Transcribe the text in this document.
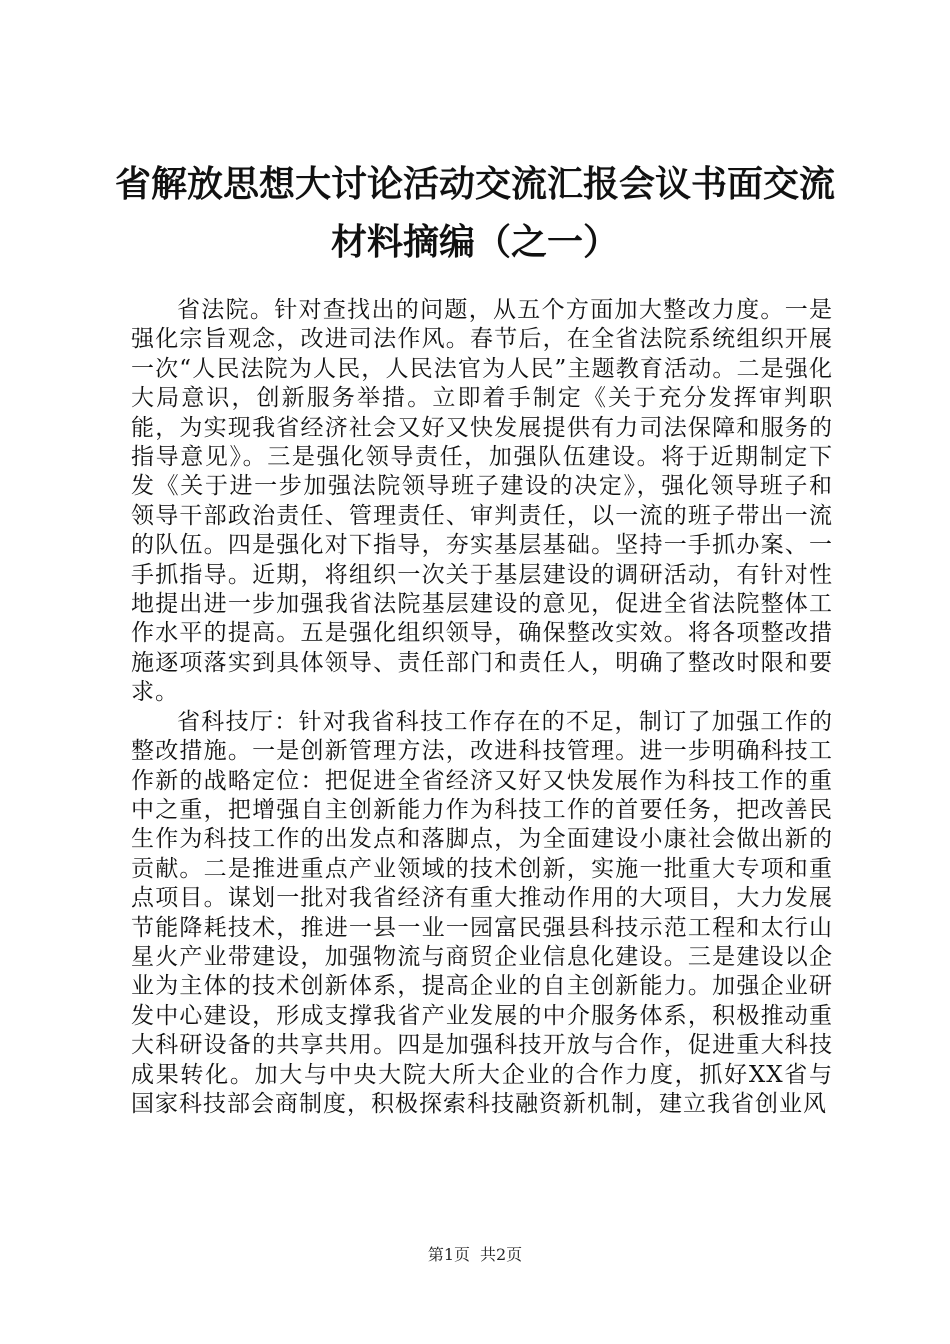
省解放思想大讨论活动交流汇报会议书面交流
材料摘编（之一）

省法院。针对查找出的问题，从五个方面加大整改力度。一是强化宗旨观念，改进司法作风。春节后，在全省法院系统组织开展一次“人民法院为人民，人民法官为人民”主题教育活动。二是强化大局意识，创新服务举措。立即着手制定《关于充分发挥审判职能，为实现我省经济社会又好又快发展提供有力司法保障和服务的指导意见》。三是强化领导责任，加强队伍建设。将于近期制定下发《关于进一步加强法院领导班子建设的决定》，强化领导班子和领导干部政治责任、管理责任、审判责任，以一流的班子带出一流的队伍。四是强化对下指导，夯实基层基础。坚持一手抓办案、一手抓指导。近期，将组织一次关于基层建设的调研活动，有针对性地提出进一步加强我省法院基层建设的意见，促进全省法院整体工作水平的提高。五是强化组织领导，确保整改实效。将各项整改措施逐项落实到具体领导、责任部门和责任人，明确了整改时限和要求。

省科技厅：针对我省科技工作存在的不足，制订了加强工作的整改措施。一是创新管理方法，改进科技管理。进一步明确科技工作新的战略定位：把促进全省经济又好又快发展作为科技工作的重中之重，把增强自主创新能力作为科技工作的首要任务，把改善民生作为科技工作的出发点和落脚点，为全面建设小康社会做出新的贡献。二是推进重点产业领域的技术创新，实施一批重大专项和重点项目。谋划一批对我省经济有重大推动作用的大项目，大力发展节能降耗技术，推进一县一业一园富民强县科技示范工程和太行山星火产业带建设，加强物流与商贸企业信息化建设。三是建设以企业为主体的技术创新体系，提高企业的自主创新能力。加强企业研发中心建设，形成支撑我省产业发展的中介服务体系，积极推动重大科研设备的共享共用。四是加强科技开放与合作，促进重大科技成果转化。加大与中央大院大所大企业的合作力度，抓好XX省与国家科技部会商制度，积极探索科技融资新机制，建立我省创业风

第1页 共2页
